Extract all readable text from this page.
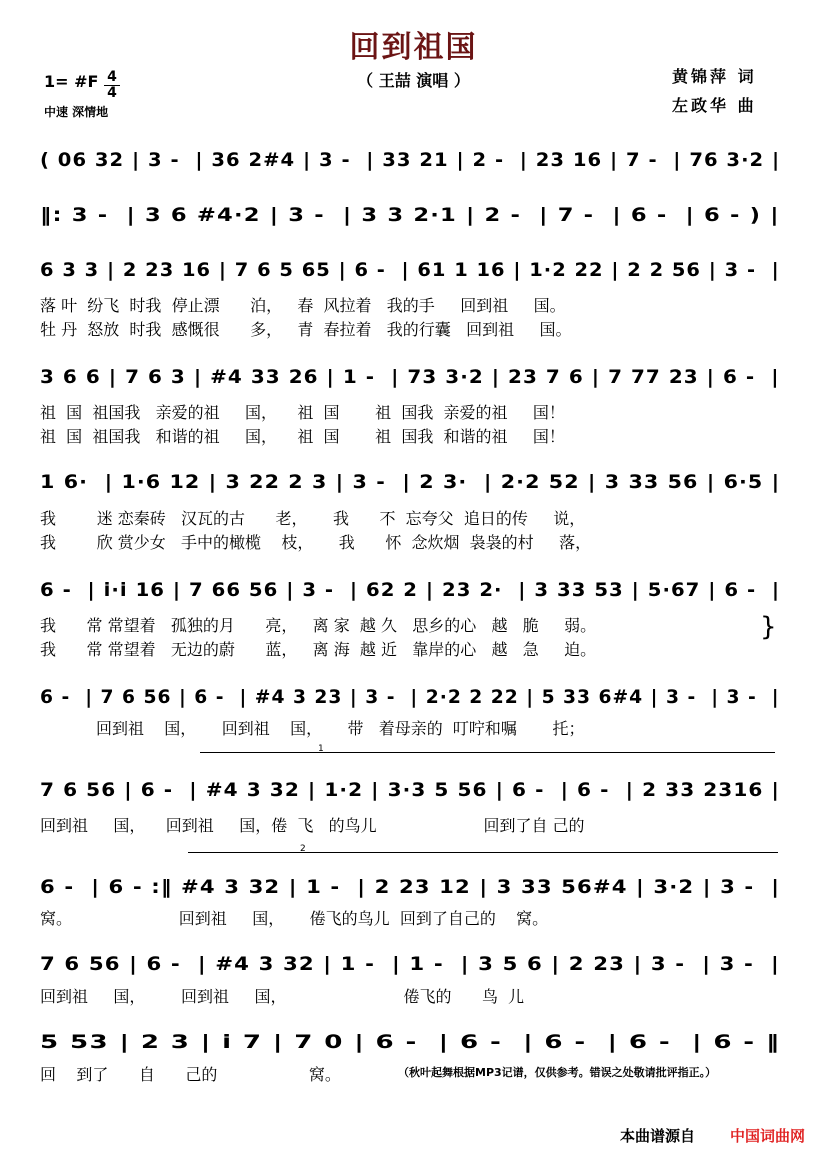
回到祖国
（ 王喆 演唱 ）
1= #F 4
4
中速 深情地
黄锦萍 词
左政华 曲
( 06 32 | 3 -  | 36 2#4 | 3 -  | 33 21 | 2 -  | 23 16 | 7 -  | 76 3·2 |
‖: 3 -  | 3 6 #4·2 | 3 -  | 3 3 2·1 | 2 -  | 7 -  | 6 -  | 6 - ) |
6 3 3 | 2 23 16 | 7 6 5 65 | 6 -  | 61 1 16 | 1·2 22 | 2 2 56 | 3 -  |
落 叶  纷飞  时我  停止漂      泊，   春  风拉着   我的手     回到祖     国。
牡 丹  怒放  时我  感慨很      多，   青  春拉着   我的行囊   回到祖     国。
3 6 6 | 7 6 3 | #4 33 26 | 1 -  | 73 3·2 | 23 7 6 | 7 77 23 | 6 -  |
祖  国  祖国我   亲爱的祖     国，    祖  国       祖  国我  亲爱的祖     国！
祖  国  祖国我   和谐的祖     国，    祖  国       祖  国我  和谐的祖     国！
1 6·  | 1·6 12 | 3 22 2 3 | 3 -  | 2 3·  | 2·2 52 | 3 33 56 | 6·5 |
我        迷 恋秦砖   汉瓦的古      老，     我      不  忘夸父  追日的传     说，
我        欣 赏少女   手中的橄榄    枝，     我      怀  念炊烟  袅袅的村     落，
6 -  | i·i 16 | 7 66 56 | 3 -  | 62 2 | 23 2·  | 3 33 53 | 5·67 | 6 -  |
我      常 常望着   孤独的月      亮，   离 家  越 久   思乡的心   越   脆     弱。
我      常 常望着   无边的蔚      蓝，   离 海  越 近   靠岸的心   越   急     迫。
}
6 -  | 7 6 56 | 6 -  | #4 3 23 | 3 -  | 2·2 2 22 | 5 33 6#4 | 3 -  | 3 -  |
回到祖    国，     回到祖    国，     带   着母亲的  叮咛和嘱       托；
1
7 6 56 | 6 -  | #4 3 32 | 1·2 | 3·3 5 56 | 6 -  | 6 -  | 2 33 2316 |
回到祖     国，    回到祖     国，倦  飞   的鸟儿                     回到了自 己的
2
6 -  | 6 - :‖ #4 3 32 | 1 -  | 2 23 12 | 3 33 56#4 | 3·2 | 3 -  |
窝。                     回到祖     国，     倦飞的鸟儿  回到了自己的    窝。
7 6 56 | 6 -  | #4 3 32 | 1 -  | 1 -  | 3 5 6 | 2 23 | 3 -  | 3 -  |
回到祖     国，       回到祖     国，                       倦飞的      鸟  儿
5 53 | 2 3 | i 7 | 7 0 | 6 -  | 6 -  | 6 -  | 6 -  | 6 - ‖
回    到了      自      己的                  窝。	（秋叶起舞根据MP3记谱，仅供参考。错误之处敬请批评指正。）
本曲谱源自 中国词曲网
